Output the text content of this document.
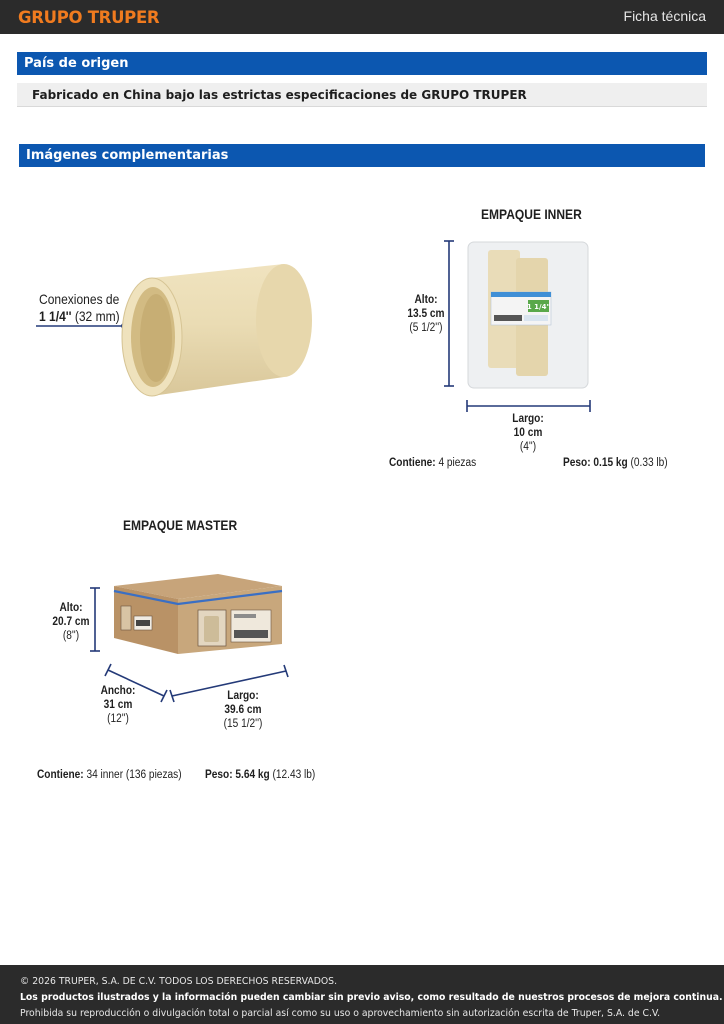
GRUPO TRUPER	Ficha técnica
País de origen
Fabricado en China bajo las estrictas especificaciones de GRUPO TRUPER
Imágenes complementarias
Conexiones de
1 1/4'' (32 mm)
EMPAQUE INNER
1 1/4"
Alto:
13.5 cm
(5 1/2'')
Largo:
10 cm
(4'')
Contiene: 4 piezas	Peso: 0.15 kg (0.33 lb)
EMPAQUE MASTER
Alto:
20.7 cm
(8'')
Ancho:
31 cm
(12'')
Largo:
39.6 cm
(15 1/2'')
Contiene: 34 inner (136 piezas) Peso: 5.64 kg (12.43 lb)
© 2026 TRUPER, S.A. DE C.V. TODOS LOS DERECHOS RESERVADOS.
Los productos ilustrados y la información pueden cambiar sin previo aviso, como resultado de nuestros procesos de mejora continua.
Prohibida su reproducción o divulgación total o parcial así como su uso o aprovechamiento sin autorización escrita de Truper, S.A. de C.V.
